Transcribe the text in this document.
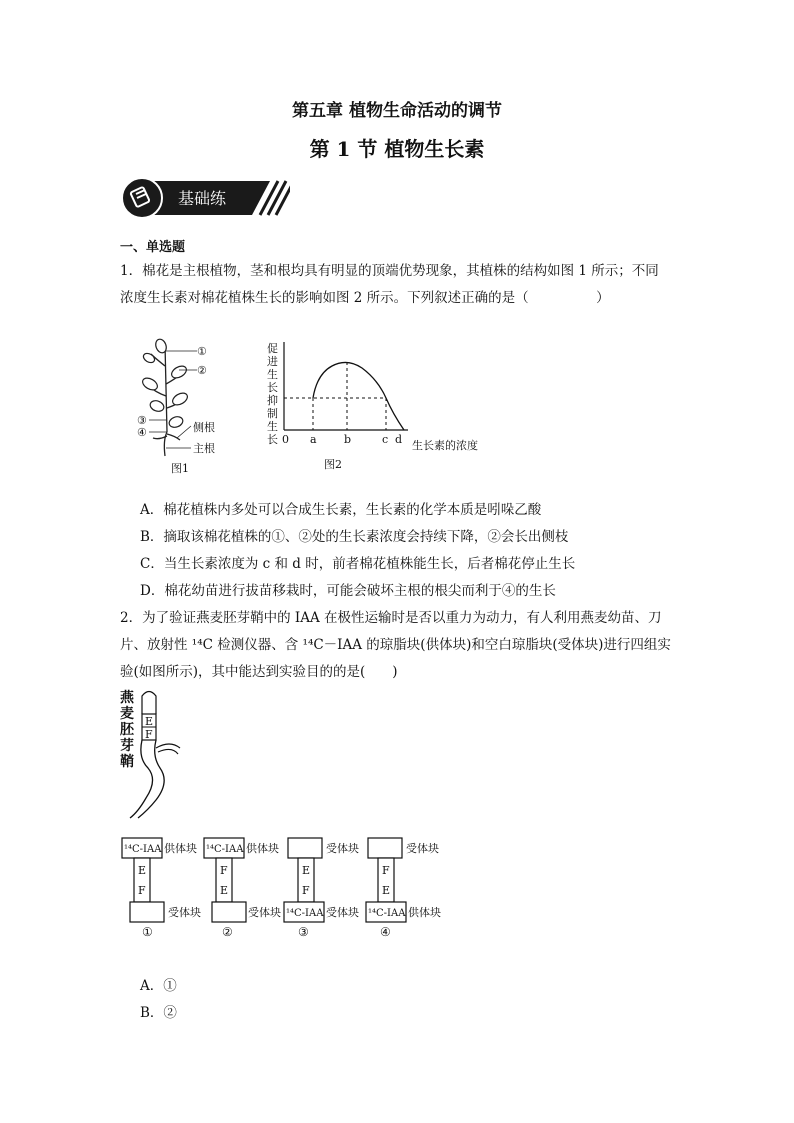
第五章 植物生命活动的调节
第 1 节 植物生长素
基础练
一、单选题
1．棉花是主根植物，茎和根均具有明显的顶端优势现象，其植株的结构如图 1 所示；不同
浓度生长素对棉花植株生长的影响如图 2 所示。下列叙述正确的是（　　　　　）
①
②
③
④	侧根
主根
图1
促
进
生
长
抑
制
生
长 0 a b	c d 生长素的浓度
图2
A．棉花植株内多处可以合成生长素，生长素的化学本质是吲哚乙酸
B．摘取该棉花植株的①、②处的生长素浓度会持续下降，②会长出侧枝
C．当生长素浓度为 c 和 d 时，前者棉花植株能生长，后者棉花停止生长
D．棉花幼苗进行拔苗移栽时，可能会破坏主根的根尖而利于④的生长
2．为了验证燕麦胚芽鞘中的 IAA 在极性运输时是否以重力为动力，有人利用燕麦幼苗、刀
片、放射性 ¹⁴C 检测仪器、含 ¹⁴C－IAA 的琼脂块(供体块)和空白琼脂块(受体块)进行四组实
验(如图所示)，其中能达到实验目的的是(　　)
燕
麦
胚
芽
鞘
E
F
¹⁴C-IAA	¹⁴C-IAA
¹⁴C-IAA	¹⁴C-IAA
E
F
F
E
E
F
F
E
供体块
受体块
供体块
受体块
受体块
受体块
受体块
供体块
①	②	③	④
A．①
B．②
